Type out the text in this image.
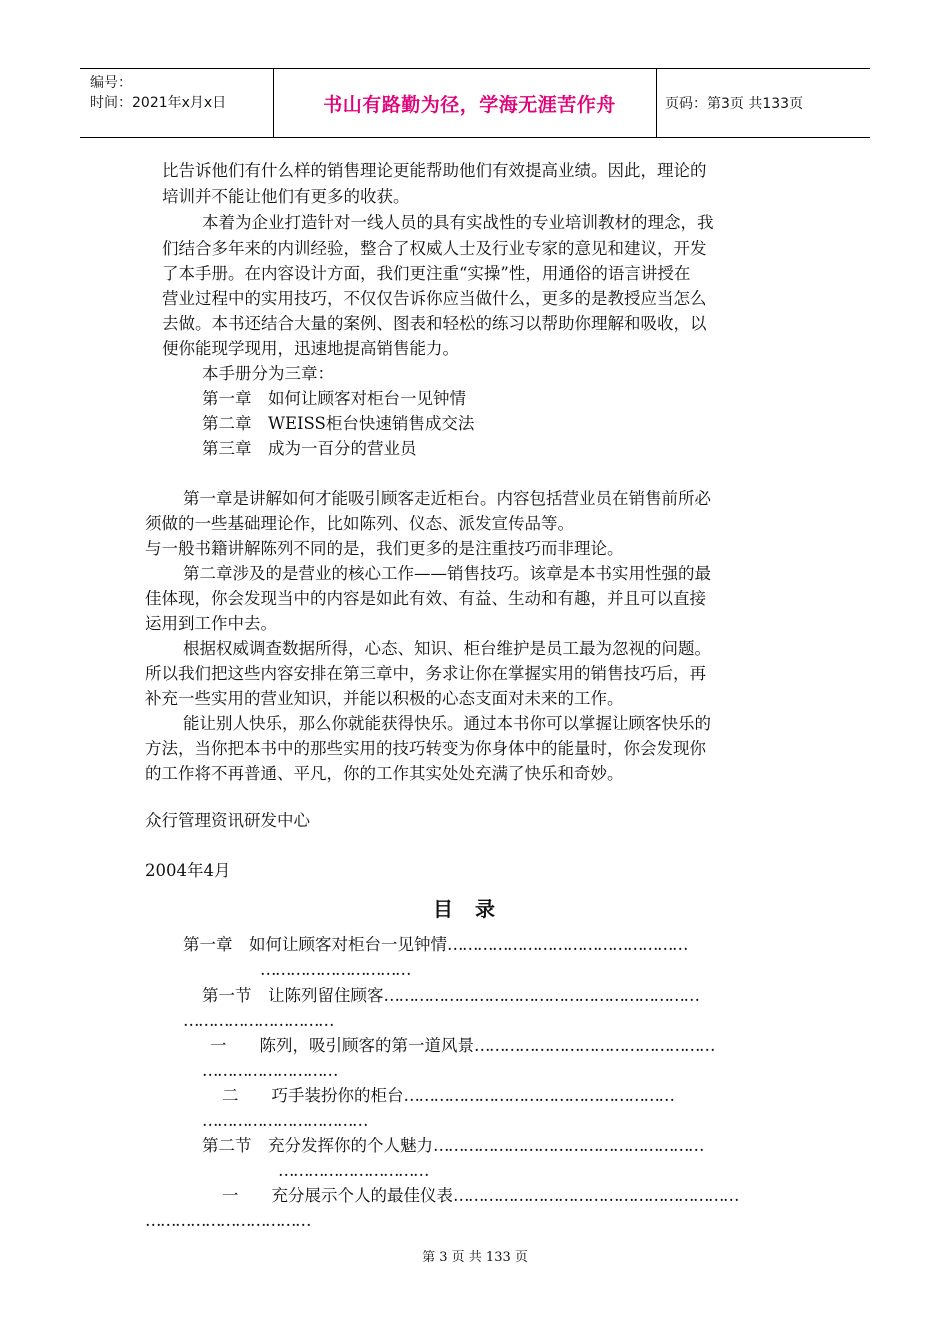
编号：
时间：2021年x月x日	书山有路勤为径，学海无涯苦作舟	页码：第3页 共133页
比告诉他们有什么样的销售理论更能帮助他们有效提高业绩。因此，理论的
培训并不能让他们有更多的收获。
本着为企业打造针对一线人员的具有实战性的专业培训教材的理念，我
们结合多年来的内训经验，整合了权威人士及行业专家的意见和建议，开发
了本手册。在内容设计方面，我们更注重“实操”性，用通俗的语言讲授在
营业过程中的实用技巧，不仅仅告诉你应当做什么，更多的是教授应当怎么
去做。本书还结合大量的案例、图表和轻松的练习以帮助你理解和吸收，以
便你能现学现用，迅速地提高销售能力。
本手册分为三章：
第一章　如何让顾客对柜台一见钟情
第二章　WEISS柜台快速销售成交法
第三章　成为一百分的营业员
第一章是讲解如何才能吸引顾客走近柜台。内容包括营业员在销售前所必
须做的一些基础理论作，比如陈列、仪态、派发宣传品等。
与一般书籍讲解陈列不同的是，我们更多的是注重技巧而非理论。
第二章涉及的是营业的核心工作——销售技巧。该章是本书实用性强的最
佳体现，你会发现当中的内容是如此有效、有益、生动和有趣，并且可以直接
运用到工作中去。
根据权威调查数据所得，心态、知识、柜台维护是员工最为忽视的问题。
所以我们把这些内容安排在第三章中，务求让你在掌握实用的销售技巧后，再
补充一些实用的营业知识，并能以积极的心态支面对未来的工作。
能让别人快乐，那么你就能获得快乐。通过本书你可以掌握让顾客快乐的
方法，当你把本书中的那些实用的技巧转变为你身体中的能量时，你会发现你
的工作将不再普通、平凡，你的工作其实处处充满了快乐和奇妙。
众行管理资讯研发中心
2004年4月
目录
第一章　如何让顾客对柜台一见钟情…………………………………………
…………………………
第一节　让陈列留住顾客………………………………………………………
…………………………
一　　陈列，吸引顾客的第一道风景…………………………………………
………………………
二　　巧手装扮你的柜台………………………………………………
……………………………
第二节　充分发挥你的个人魅力………………………………………………
…………………………
一　　充分展示个人的最佳仪表…………………………………………………
……………………………
第 3 页 共 133 页
